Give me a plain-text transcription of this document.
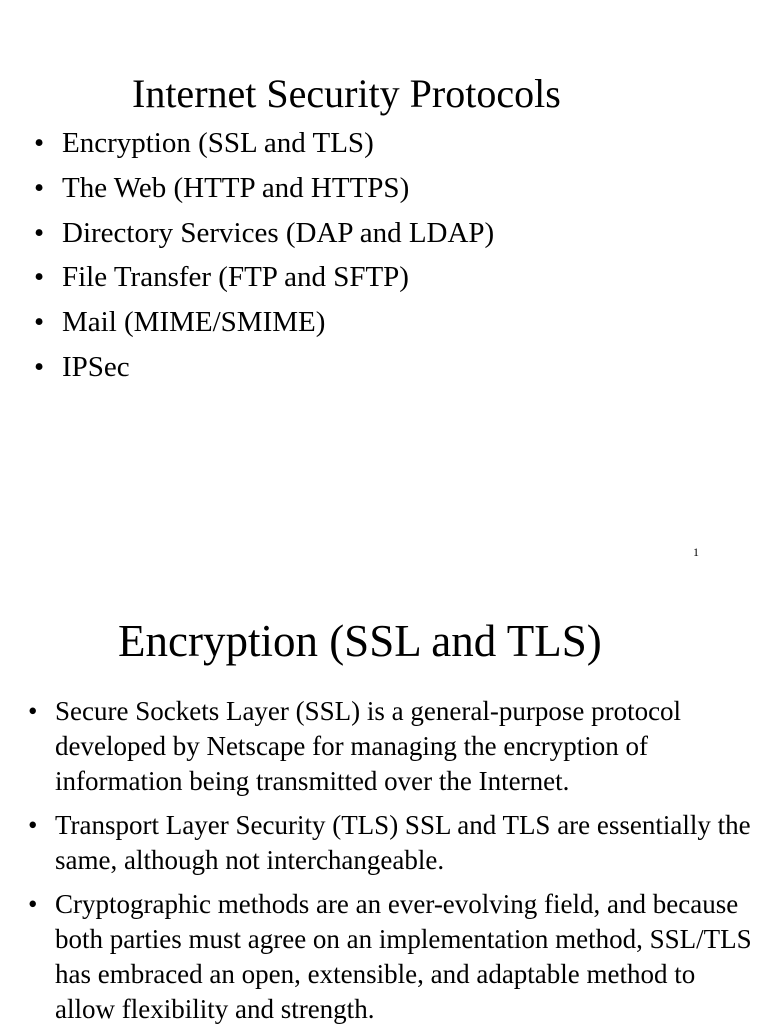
Internet Security Protocols
• Encryption (SSL and TLS)
• The Web (HTTP and HTTPS)
• Directory Services (DAP and LDAP)
• File Transfer (FTP and SFTP)
• Mail (MIME/SMIME)
• IPSec
1
Encryption (SSL and TLS)
• Secure Sockets Layer (SSL) is a general-purpose protocol developed by Netscape for managing the encryption of information being transmitted over the Internet.
• Transport Layer Security (TLS) SSL and TLS are essentially the same, although not interchangeable.
• Cryptographic methods are an ever-evolving field, and because both parties must agree on an implementation method, SSL/TLS has embraced an open, extensible, and adaptable method to allow flexibility and strength.
